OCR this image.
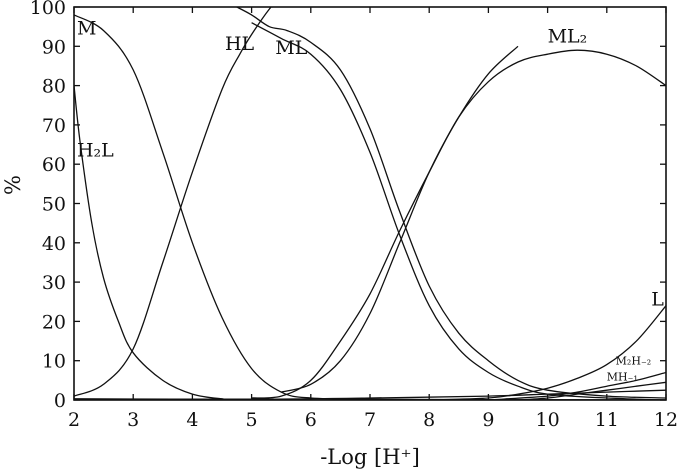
M
H₂L
HL ML
ML₂
L
M₂H₋₂
MH₋₁
2 3 4 5 6 7 8 9 10 11 12
0
10
20
30
40
50
60
70
80
90
100
-Log [H⁺]
%
